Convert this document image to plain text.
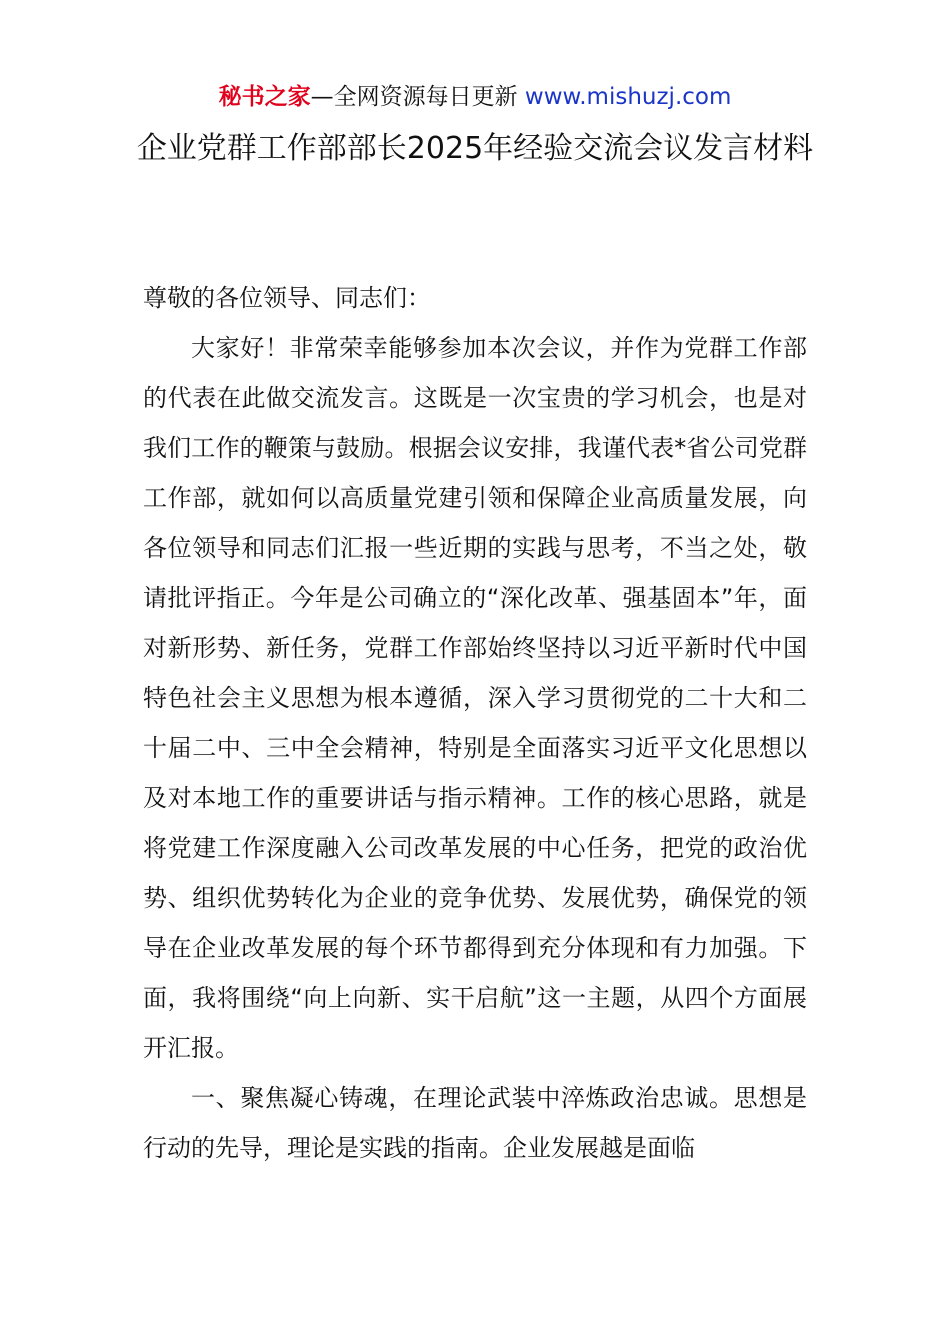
秘书之家—全网资源每日更新 www.mishuzj.com
企业党群工作部部长2025年经验交流会议发言材料

尊敬的各位领导、同志们：

大家好！非常荣幸能够参加本次会议，并作为党群工作部的代表在此做交流发言。这既是一次宝贵的学习机会，也是对我们工作的鞭策与鼓励。根据会议安排，我谨代表*省公司党群工作部，就如何以高质量党建引领和保障企业高质量发展，向各位领导和同志们汇报一些近期的实践与思考，不当之处，敬请批评指正。今年是公司确立的“深化改革、强基固本”年，面对新形势、新任务，党群工作部始终坚持以习近平新时代中国特色社会主义思想为根本遵循，深入学习贯彻党的二十大和二十届二中、三中全会精神，特别是全面落实习近平文化思想以及对本地工作的重要讲话与指示精神。工作的核心思路，就是将党建工作深度融入公司改革发展的中心任务，把党的政治优势、组织优势转化为企业的竞争优势、发展优势，确保党的领导在企业改革发展的每个环节都得到充分体现和有力加强。下面，我将围绕“向上向新、实干启航”这一主题，从四个方面展开汇报。

一、聚焦凝心铸魂，在理论武装中淬炼政治忠诚。思想是行动的先导，理论是实践的指南。企业发展越是面临
